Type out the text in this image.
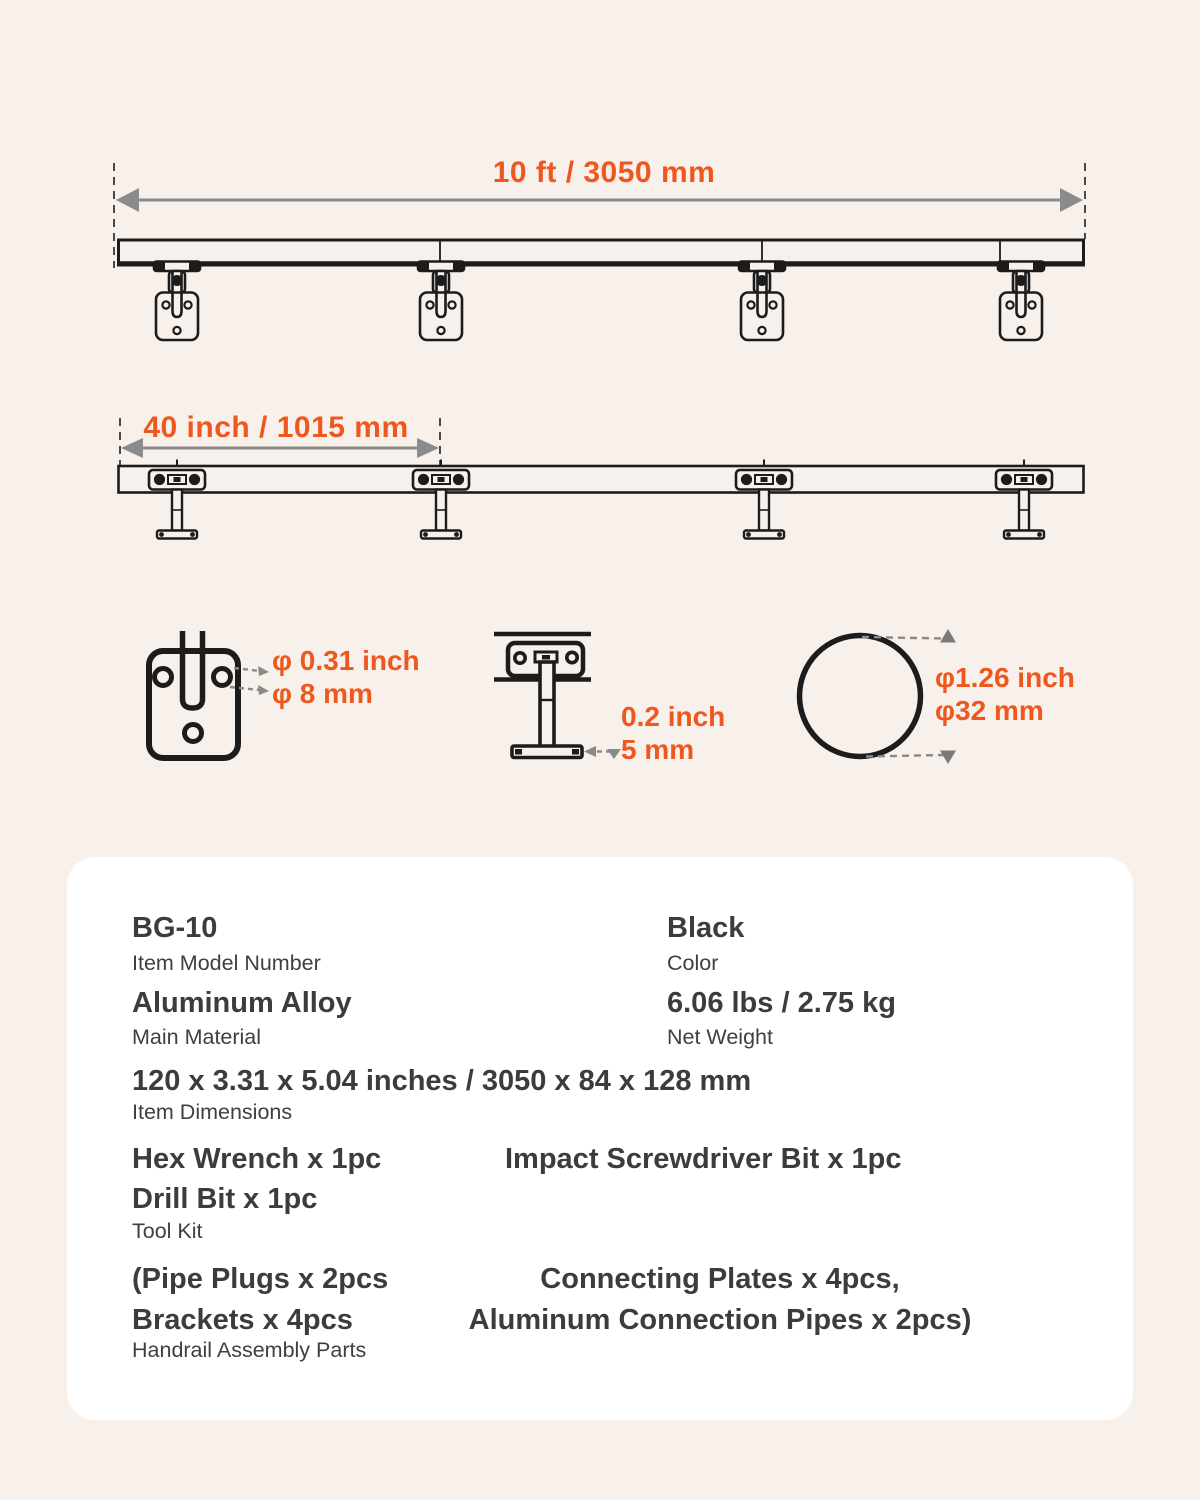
10 ft / 3050 mm
40 inch / 1015 mm
φ 0.31 inch
φ 8 mm
0.2 inch
5 mm
φ1.26 inch
φ32 mm
BG-10
Item Model Number
Black
Color
Aluminum Alloy
Main Material
6.06 lbs / 2.75 kg
Net Weight
120 x 3.31 x 5.04 inches / 3050 x 84 x 128 mm
Item Dimensions
Hex Wrench x 1pc	Impact Screwdriver Bit x 1pc
Drill Bit x 1pc
Tool Kit
(Pipe Plugs x 2pcs
Brackets x 4pcs
Connecting Plates x 4pcs,
Aluminum Connection Pipes x 2pcs)
Handrail Assembly Parts
